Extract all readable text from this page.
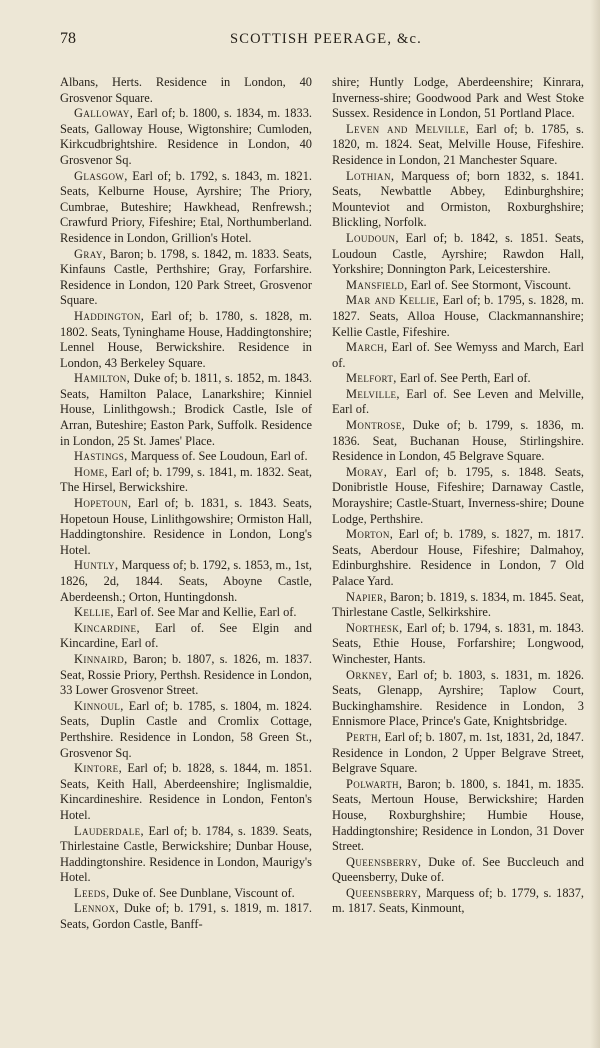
78	SCOTTISH PEERAGE, &c.

Albans, Herts. Residence in London, 40 Grosvenor Square.

Galloway, Earl of; b. 1800, s. 1834, m. 1833. Seats, Galloway House, Wigtonshire; Cumloden, Kirkcudbrightshire. Residence in London, 40 Grosvenor Sq.

Glasgow, Earl of; b. 1792, s. 1843, m. 1821. Seats, Kelburne House, Ayrshire; The Priory, Cumbrae, Buteshire; Hawkhead, Renfrewsh.; Crawfurd Priory, Fifeshire; Etal, Northumberland. Residence in London, Grillion's Hotel.

Gray, Baron; b. 1798, s. 1842, m. 1833. Seats, Kinfauns Castle, Perthshire; Gray, Forfarshire. Residence in London, 120 Park Street, Grosvenor Square.

Haddington, Earl of; b. 1780, s. 1828, m. 1802. Seats, Tyninghame House, Haddingtonshire; Lennel House, Berwickshire. Residence in London, 43 Berkeley Square.

Hamilton, Duke of; b. 1811, s. 1852, m. 1843. Seats, Hamilton Palace, Lanarkshire; Kinniel House, Linlithgowsh.; Brodick Castle, Isle of Arran, Buteshire; Easton Park, Suffolk. Residence in London, 25 St. James' Place.

Hastings, Marquess of. See Loudoun, Earl of.

Home, Earl of; b. 1799, s. 1841, m. 1832. Seat, The Hirsel, Berwickshire.

Hopetoun, Earl of; b. 1831, s. 1843. Seats, Hopetoun House, Linlithgowshire; Ormiston Hall, Haddingtonshire. Residence in London, Long's Hotel.

Huntly, Marquess of; b. 1792, s. 1853, m., 1st, 1826, 2d, 1844. Seats, Aboyne Castle, Aberdeensh.; Orton, Huntingdonsh.

Kellie, Earl of. See Mar and Kellie, Earl of.

Kincardine, Earl of. See Elgin and Kincardine, Earl of.

Kinnaird, Baron; b. 1807, s. 1826, m. 1837. Seat, Rossie Priory, Perthsh. Residence in London, 33 Lower Grosvenor Street.

Kinnoul, Earl of; b. 1785, s. 1804, m. 1824. Seats, Duplin Castle and Cromlix Cottage, Perthshire. Residence in London, 58 Green St., Grosvenor Sq.

Kintore, Earl of; b. 1828, s. 1844, m. 1851. Seats, Keith Hall, Aberdeenshire; Inglismaldie, Kincardineshire. Residence in London, Fenton's Hotel.

Lauderdale, Earl of; b. 1784, s. 1839. Seats, Thirlestaine Castle, Berwickshire; Dunbar House, Haddingtonshire. Residence in London, Maurigy's Hotel.

Leeds, Duke of. See Dunblane, Viscount of.

Lennox, Duke of; b. 1791, s. 1819, m. 1817. Seats, Gordon Castle, Banff-

shire; Huntly Lodge, Aberdeenshire; Kinrara, Inverness-shire; Goodwood Park and West Stoke Sussex. Residence in London, 51 Portland Place.

Leven and Melville, Earl of; b. 1785, s. 1820, m. 1824. Seat, Melville House, Fifeshire. Residence in London, 21 Manchester Square.

Lothian, Marquess of; born 1832, s. 1841. Seats, Newbattle Abbey, Edinburghshire; Mounteviot and Ormiston, Roxburghshire; Blickling, Norfolk.

Loudoun, Earl of; b. 1842, s. 1851. Seats, Loudoun Castle, Ayrshire; Rawdon Hall, Yorkshire; Donnington Park, Leicestershire.

Mansfield, Earl of. See Stormont, Viscount.

Mar and Kellie, Earl of; b. 1795, s. 1828, m. 1827. Seats, Alloa House, Clackmannanshire; Kellie Castle, Fifeshire.

March, Earl of. See Wemyss and March, Earl of.

Melfort, Earl of. See Perth, Earl of.

Melville, Earl of. See Leven and Melville, Earl of.

Montrose, Duke of; b. 1799, s. 1836, m. 1836. Seat, Buchanan House, Stirlingshire. Residence in London, 45 Belgrave Square.

Moray, Earl of; b. 1795, s. 1848. Seats, Donibristle House, Fifeshire; Darnaway Castle, Morayshire; Castle-Stuart, Inverness-shire; Doune Lodge, Perthshire.

Morton, Earl of; b. 1789, s. 1827, m. 1817. Seats, Aberdour House, Fifeshire; Dalmahoy, Edinburghshire. Residence in London, 7 Old Palace Yard.

Napier, Baron; b. 1819, s. 1834, m. 1845. Seat, Thirlestane Castle, Selkirkshire.

Northesk, Earl of; b. 1794, s. 1831, m. 1843. Seats, Ethie House, Forfarshire; Longwood, Winchester, Hants.

Orkney, Earl of; b. 1803, s. 1831, m. 1826. Seats, Glenapp, Ayrshire; Taplow Court, Buckinghamshire. Residence in London, 3 Ennismore Place, Prince's Gate, Knightsbridge.

Perth, Earl of; b. 1807, m. 1st, 1831, 2d, 1847. Residence in London, 2 Upper Belgrave Street, Belgrave Square.

Polwarth, Baron; b. 1800, s. 1841, m. 1835. Seats, Mertoun House, Berwickshire; Harden House, Roxburghshire; Humbie House, Haddingtonshire; Residence in London, 31 Dover Street.

Queensberry, Duke of. See Buccleuch and Queensberry, Duke of.

Queensberry, Marquess of; b. 1779, s. 1837, m. 1817. Seats, Kinmount,
